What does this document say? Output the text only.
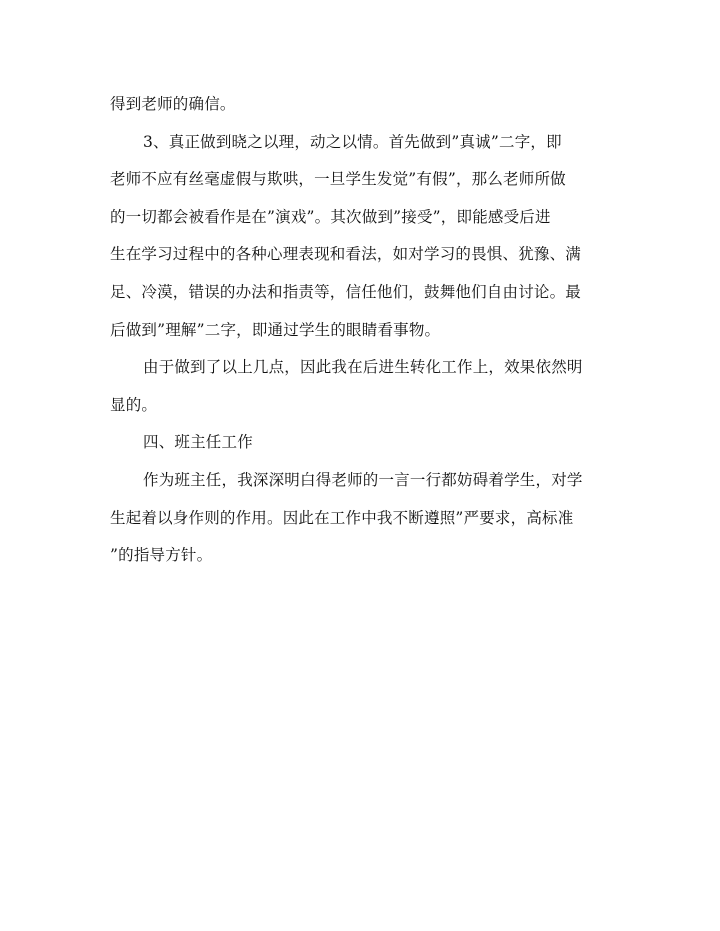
得到老师的确信。
3、真正做到晓之以理，动之以情。首先做到”真诚”二字，即
老师不应有丝毫虚假与欺哄，一旦学生发觉”有假”，那么老师所做
的一切都会被看作是在”演戏”。其次做到”接受”，即能感受后进
生在学习过程中的各种心理表现和看法，如对学习的畏惧、犹豫、满
足、冷漠，错误的办法和指责等，信任他们，鼓舞他们自由讨论。最
后做到”理解”二字，即通过学生的眼睛看事物。
由于做到了以上几点，因此我在后进生转化工作上，效果依然明
显的。
四、班主任工作
作为班主任，我深深明白得老师的一言一行都妨碍着学生，对学
生起着以身作则的作用。因此在工作中我不断遵照”严要求，高标准
”的指导方针。
